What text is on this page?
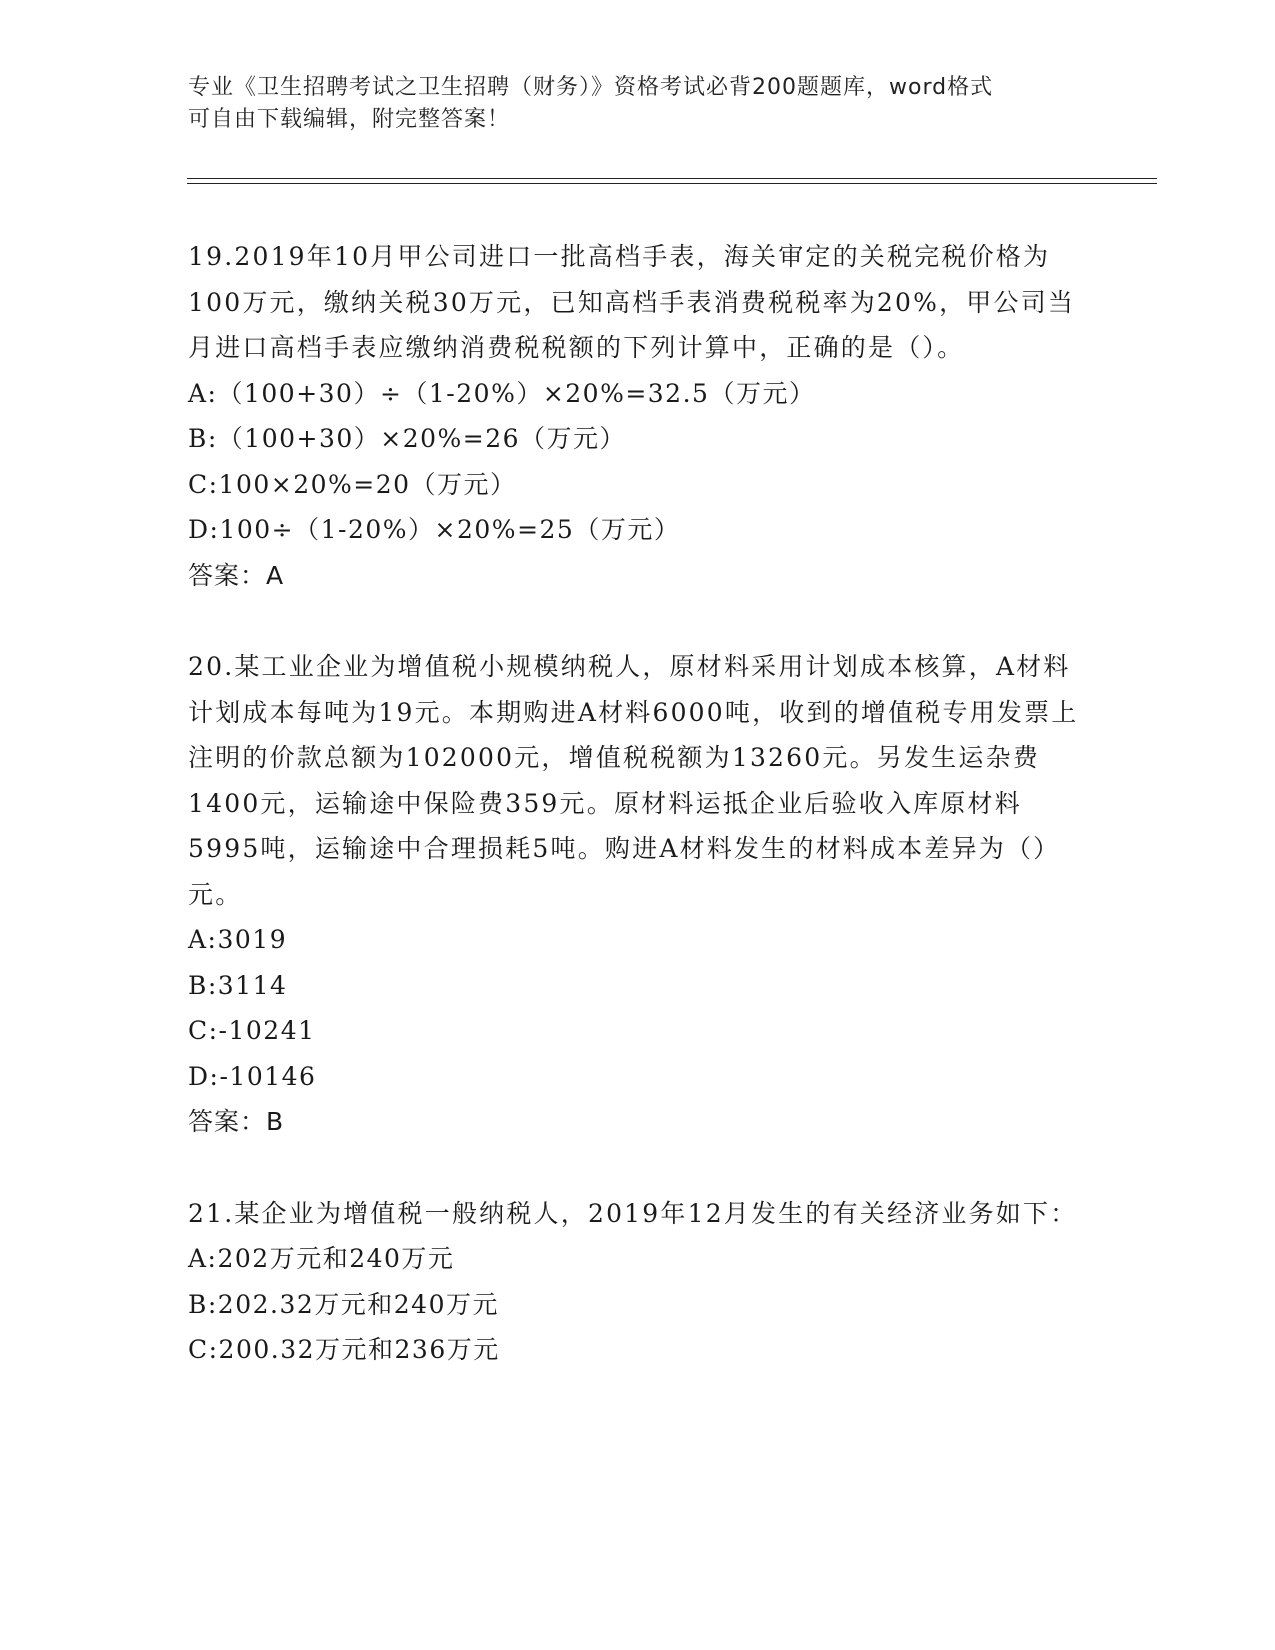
专业《卫生招聘考试之卫生招聘（财务）》资格考试必背200题题库，word格式
可自由下载编辑，附完整答案！

19.2019年10月甲公司进口一批高档手表，海关审定的关税完税价格为100万元，缴纳关税30万元，已知高档手表消费税税率为20%，甲公司当月进口高档手表应缴纳消费税税额的下列计算中，正确的是（）。

A:（100+30）÷（1-20%）×20%=32.5（万元）

B:（100+30）×20%=26（万元）

C:100×20%=20（万元）

D:100÷（1-20%）×20%=25（万元）

答案：A

20.某工业企业为增值税小规模纳税人，原材料采用计划成本核算，A材料计划成本每吨为19元。本期购进A材料6000吨，收到的增值税专用发票上注明的价款总额为102000元，增值税税额为13260元。另发生运杂费1400元，运输途中保险费359元。原材料运抵企业后验收入库原材料5995吨，运输途中合理损耗5吨。购进A材料发生的材料成本差异为（）元。

A:3019

B:3114

C:-10241

D:-10146

答案：B

21.某企业为增值税一般纳税人，2019年12月发生的有关经济业务如下：

A:202万元和240万元

B:202.32万元和240万元

C:200.32万元和236万元
